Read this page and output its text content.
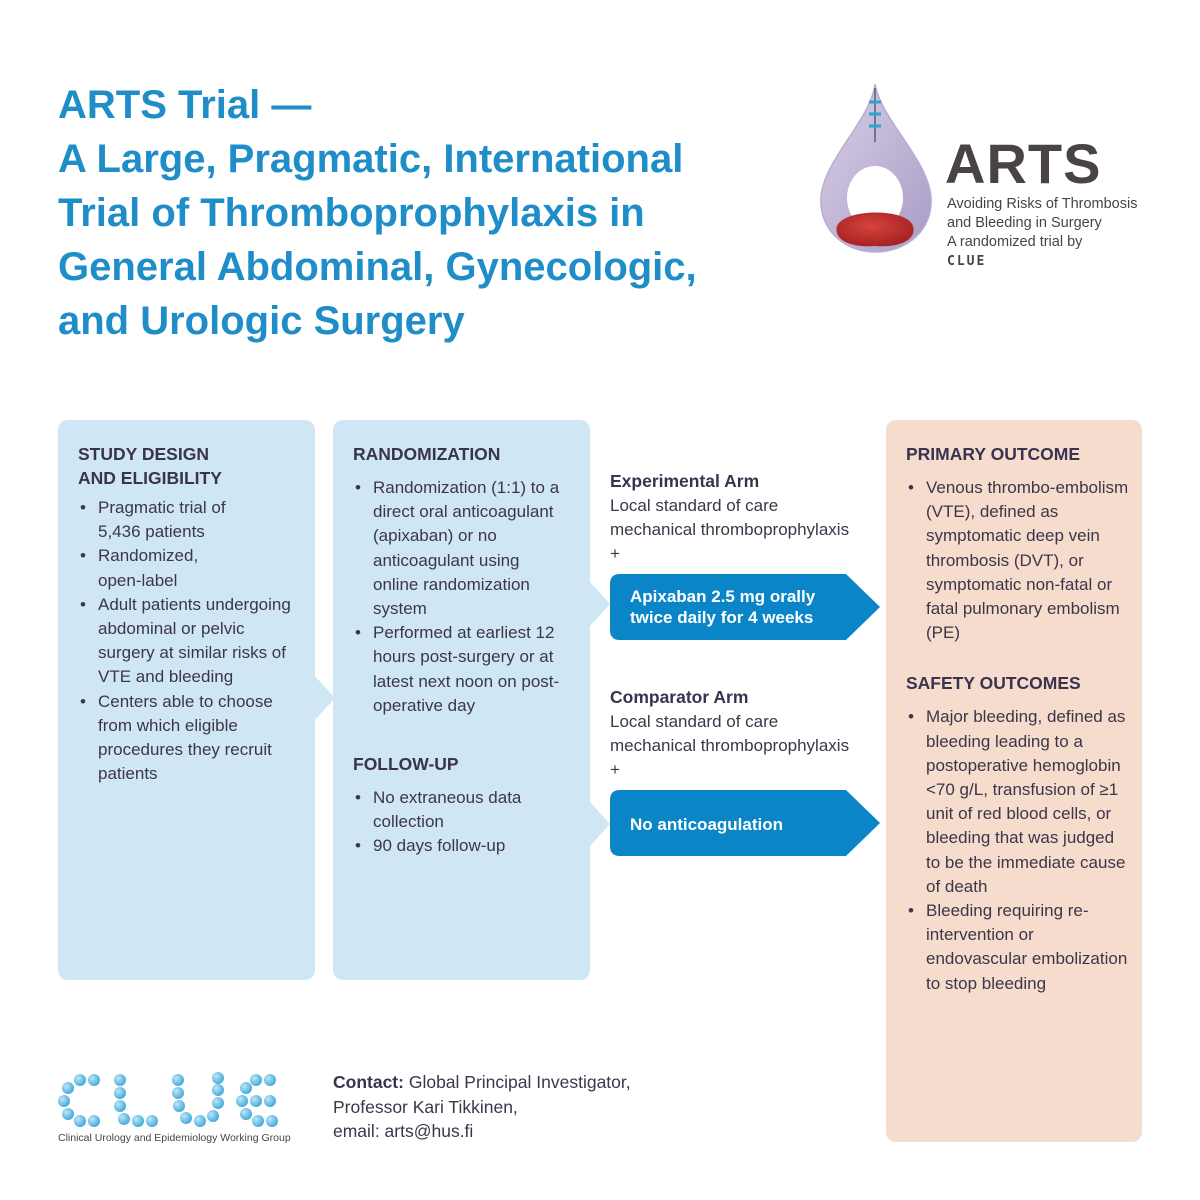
ARTS Trial —
A Large, Pragmatic, International
Trial of Thromboprophylaxis in
General Abdominal, Gynecologic,
and Urologic Surgery
ARTS
Avoiding Risks of Thrombosis
and Bleeding in Surgery
A randomized trial by
CLUE
STUDY DESIGN
AND ELIGIBILITY
• Pragmatic trial of 5,436 patients
• Randomized, open-label
• Adult patients undergoing abdominal or pelvic surgery at similar risks of VTE and bleeding
• Centers able to choose from which eligible procedures they recruit patients
RANDOMIZATION
• Randomization (1:1) to a direct oral anticoagulant (apixaban) or no anticoagulant using online randomization system
• Performed at earliest 12 hours post-surgery or at latest next noon on post-operative day
FOLLOW-UP
• No extraneous data collection
• 90 days follow-up
Experimental Arm
Local standard of care mechanical thromboprophylaxis +
Apixaban 2.5 mg orally
twice daily for 4 weeks
Comparator Arm
Local standard of care mechanical thromboprophylaxis +
No anticoagulation
PRIMARY OUTCOME
• Venous thrombo-embolism (VTE), defined as symptomatic deep vein thrombosis (DVT), or symptomatic non-fatal or fatal pulmonary embolism (PE)
SAFETY OUTCOMES
• Major bleeding, defined as bleeding leading to a postoperative hemoglobin <70 g/L, transfusion of ≥1 unit of red blood cells, or bleeding that was judged to be the immediate cause of death
• Bleeding requiring re-intervention or endovascular embolization to stop bleeding
Clinical Urology and Epidemiology Working Group
Contact: Global Principal Investigator,
Professor Kari Tikkinen,
email: arts@hus.fi
